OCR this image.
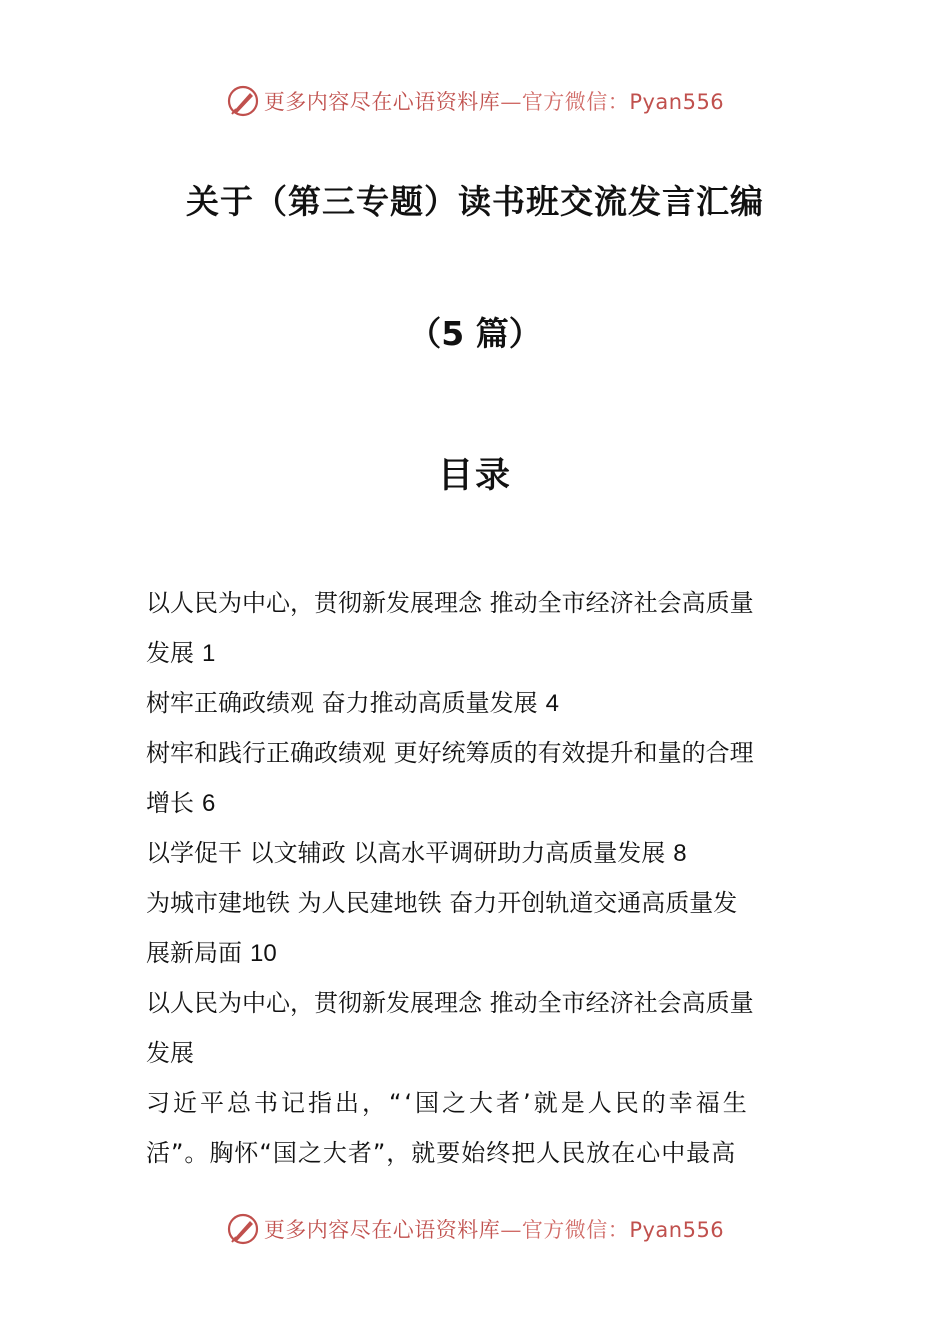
更多内容尽在心语资料库—官方微信：Pyan556
关于（第三专题）读书班交流发言汇编
（5 篇）
目录
以人民为中心，贯彻新发展理念 推动全市经济社会高质量
发展 1
树牢正确政绩观 奋力推动高质量发展 4
树牢和践行正确政绩观 更好统筹质的有效提升和量的合理
增长 6
以学促干 以文辅政 以高水平调研助力高质量发展 8
为城市建地铁 为人民建地铁 奋力开创轨道交通高质量发
展新局面 10
以人民为中心，贯彻新发展理念 推动全市经济社会高质量
发展
习近平总书记指出，“‘国之大者’就是人民的幸福生
活”。胸怀“国之大者”，就要始终把人民放在心中最高
更多内容尽在心语资料库—官方微信：Pyan556
